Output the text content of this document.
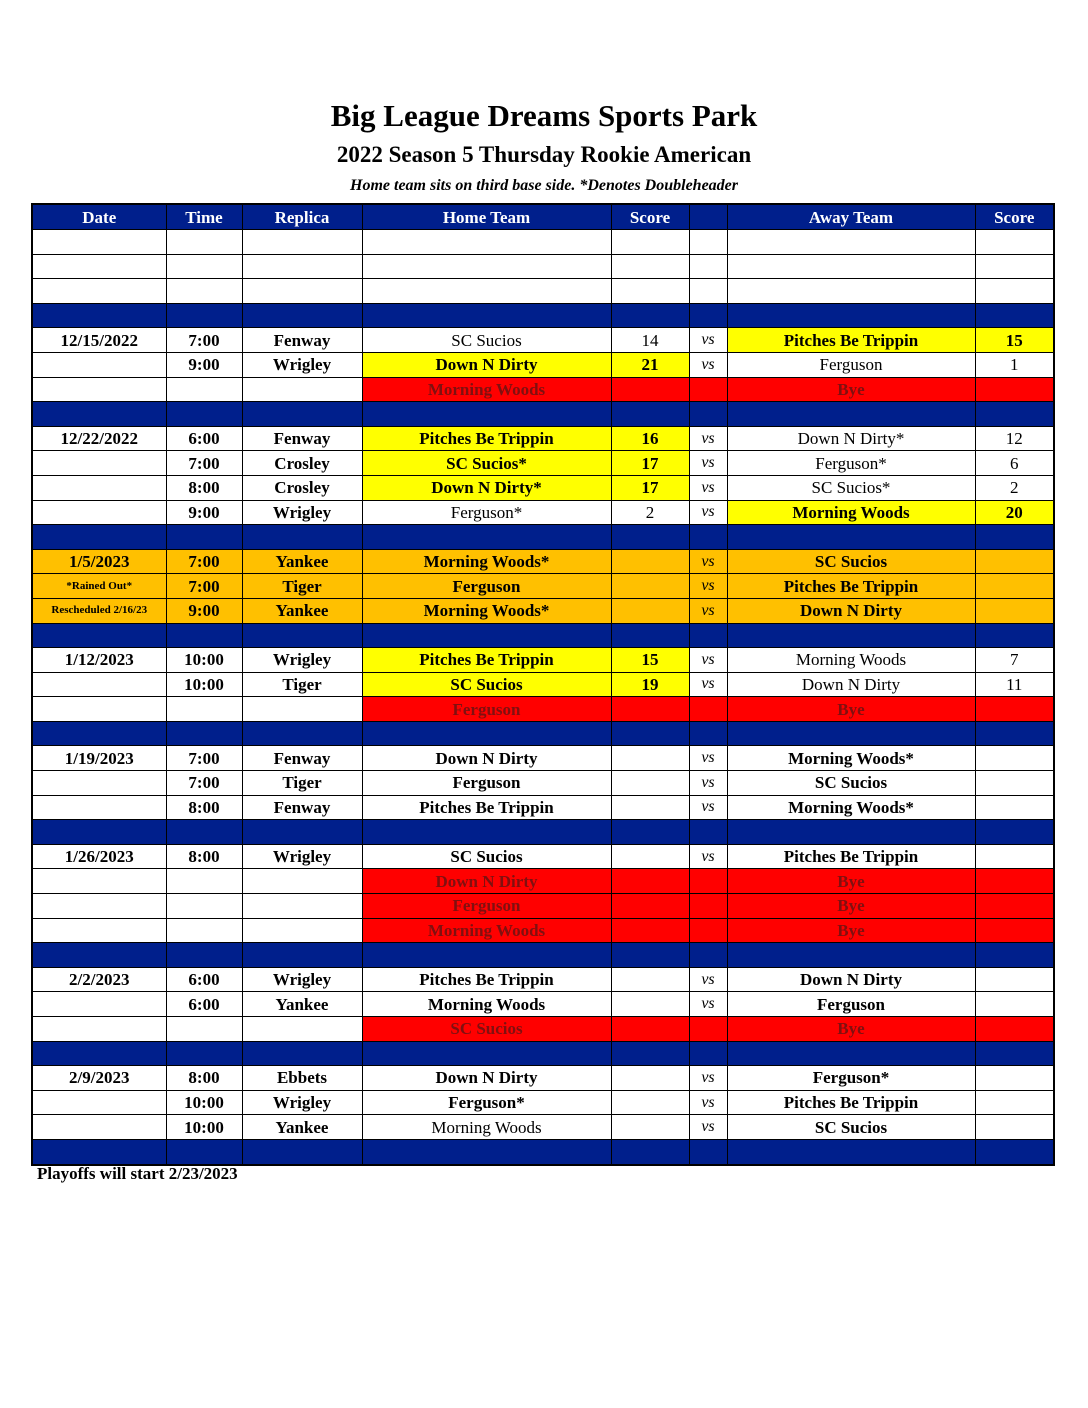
Big League Dreams Sports Park
2022 Season 5 Thursday Rookie American
Home team sits on third base side. *Denotes Doubleheader
Date	Time	Replica	Home Team	Score		Away Team	Score

12/15/2022	7:00	Fenway	SC Sucios	14	vs	Pitches Be Trippin	15
	9:00	Wrigley	Down N Dirty	21	vs	Ferguson	1
			Morning Woods			Bye	

12/22/2022	6:00	Fenway	Pitches Be Trippin	16	vs	Down N Dirty*	12
	7:00	Crosley	SC Sucios*	17	vs	Ferguson*	6
	8:00	Crosley	Down N Dirty*	17	vs	SC Sucios*	2
	9:00	Wrigley	Ferguson*	2	vs	Morning Woods	20

1/5/2023	7:00	Yankee	Morning Woods*		vs	SC Sucios	
*Rained Out*	7:00	Tiger	Ferguson		vs	Pitches Be Trippin	
Rescheduled 2/16/23	9:00	Yankee	Morning Woods*		vs	Down N Dirty	

1/12/2023	10:00	Wrigley	Pitches Be Trippin	15	vs	Morning Woods	7
	10:00	Tiger	SC Sucios	19	vs	Down N Dirty	11
			Ferguson			Bye	

1/19/2023	7:00	Fenway	Down N Dirty		vs	Morning Woods*	
	7:00	Tiger	Ferguson		vs	SC Sucios	
	8:00	Fenway	Pitches Be Trippin		vs	Morning Woods*	

1/26/2023	8:00	Wrigley	SC Sucios		vs	Pitches Be Trippin	
			Down N Dirty			Bye	
			Ferguson			Bye	
			Morning Woods			Bye	

2/2/2023	6:00	Wrigley	Pitches Be Trippin		vs	Down N Dirty	
	6:00	Yankee	Morning Woods		vs	Ferguson	
			SC Sucios			Bye	

2/9/2023	8:00	Ebbets	Down N Dirty		vs	Ferguson*	
	10:00	Wrigley	Ferguson*		vs	Pitches Be Trippin	
	10:00	Yankee	Morning Woods		vs	SC Sucios	

Playoffs will start 2/23/2023
